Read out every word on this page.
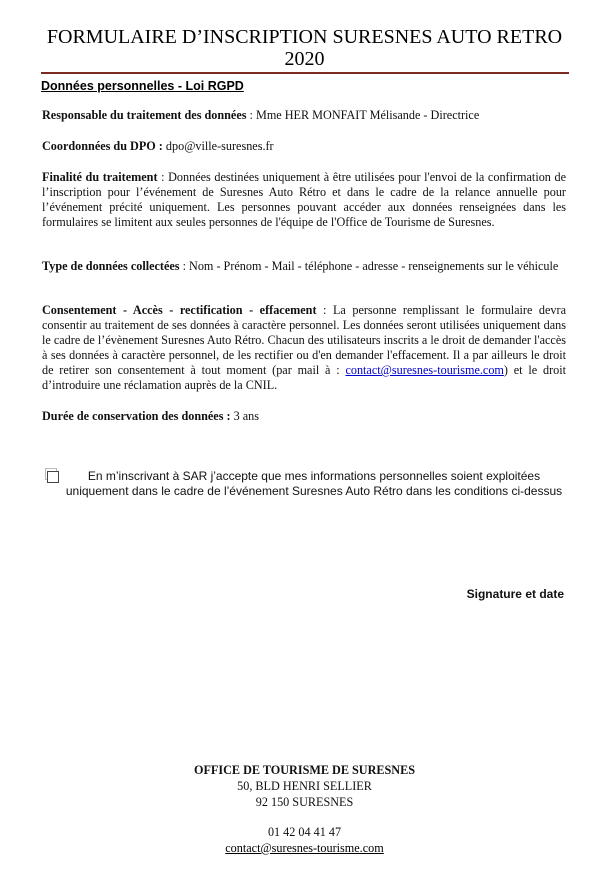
FORMULAIRE D’INSCRIPTION SURESNES AUTO RETRO
2020
Données personnelles - Loi RGPD
Responsable du traitement des données : Mme HER MONFAIT Mélisande - Directrice
Coordonnées du DPO : dpo@ville-suresnes.fr
Finalité du traitement : Données destinées uniquement à être utilisées pour l'envoi de la confirmation de l’inscription pour l’événement de Suresnes Auto Rétro et dans le cadre de la relance annuelle pour l’événement précité uniquement. Les personnes pouvant accéder aux données renseignées dans les formulaires se limitent aux seules personnes de l'équipe de l'Office de Tourisme de Suresnes.
Type de données collectées : Nom - Prénom - Mail - téléphone - adresse - renseignements sur le véhicule
Consentement - Accès - rectification - effacement : La personne remplissant le formulaire devra consentir au traitement de ses données à caractère personnel. Les données seront utilisées uniquement dans le cadre de l’évènement Suresnes Auto Rétro. Chacun des utilisateurs inscrits a le droit de demander l'accès à ses données à caractère personnel, de les rectifier ou d'en demander l'effacement. Il a par ailleurs le droit de retirer son consentement à tout moment (par mail à : contact@suresnes-tourisme.com) et le droit d’introduire une réclamation auprès de la CNIL.
Durée de conservation des données : 3 ans
En m’inscrivant à SAR j’accepte que mes informations personnelles soient exploitées uniquement dans le cadre de l’événement Suresnes Auto Rétro dans les conditions ci-dessus
Signature et date
OFFICE DE TOURISME DE SURESNES
50, BLD HENRI SELLIER
92 150 SURESNES
01 42 04 41 47
contact@suresnes-tourisme.com
